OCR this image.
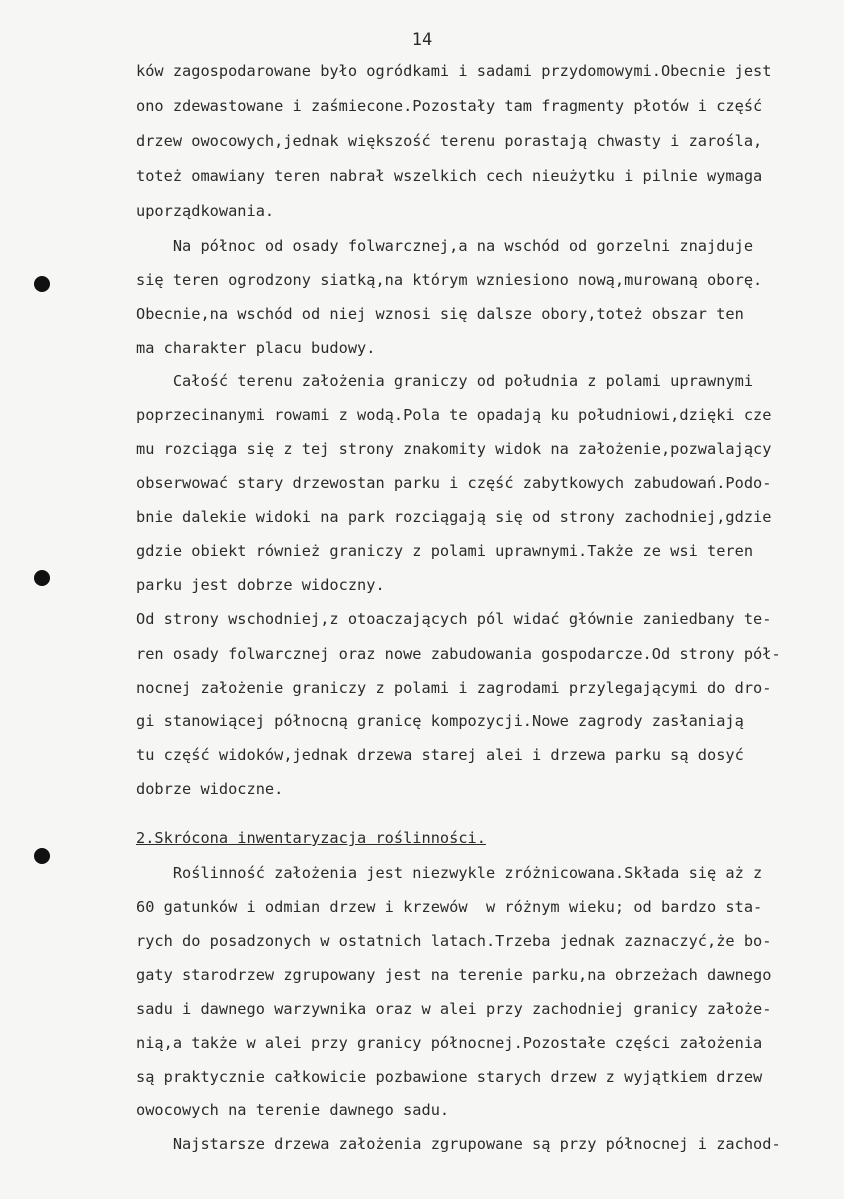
14
ków zagospodarowane było ogródkami i sadami przydomowymi.Obecnie jest
ono zdewastowane i zaśmiecone.Pozostały tam fragmenty płotów i część
drzew owocowych,jednak większość terenu porastają chwasty i zarośla,
toteż omawiany teren nabrał wszelkich cech nieużytku i pilnie wymaga
uporządkowania.
Na północ od osady folwarcznej,a na wschód od gorzelni znajduje
się teren ogrodzony siatką,na którym wzniesiono nową,murowaną oborę.
Obecnie,na wschód od niej wznosi się dalsze obory,toteż obszar ten
ma charakter placu budowy.
Całość terenu założenia graniczy od południa z polami uprawnymi
poprzecinanymi rowami z wodą.Pola te opadają ku południowi,dzięki cze
mu rozciąga się z tej strony znakomity widok na założenie,pozwalający
obserwować stary drzewostan parku i część zabytkowych zabudowań.Podo-
bnie dalekie widoki na park rozciągają się od strony zachodniej,gdzie
gdzie obiekt również graniczy z polami uprawnymi.Także ze wsi teren
parku jest dobrze widoczny.
Od strony wschodniej,z otoaczających pól widać głównie zaniedbany te-
ren osady folwarcznej oraz nowe zabudowania gospodarcze.Od strony pół-
nocnej założenie graniczy z polami i zagrodami przylegającymi do dro-
gi stanowiącej północną granicę kompozycji.Nowe zagrody zasłaniają
tu część widoków,jednak drzewa starej alei i drzewa parku są dosyć
dobrze widoczne.
2.Skrócona inwentaryzacja roślinności.
Roślinność założenia jest niezwykle zróżnicowana.Składa się aż z
60 gatunków i odmian drzew i krzewów  w różnym wieku; od bardzo sta-
rych do posadzonych w ostatnich latach.Trzeba jednak zaznaczyć,że bo-
gaty starodrzew zgrupowany jest na terenie parku,na obrzeżach dawnego
sadu i dawnego warzywnika oraz w alei przy zachodniej granicy założe-
nią,a także w alei przy granicy północnej.Pozostałe części założenia
są praktycznie całkowicie pozbawione starych drzew z wyjątkiem drzew
owocowych na terenie dawnego sadu.
Najstarsze drzewa założenia zgrupowane są przy północnej i zachod-
